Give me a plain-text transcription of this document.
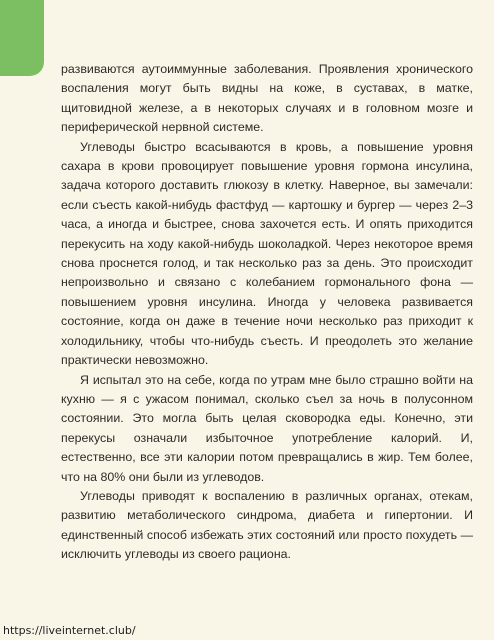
развиваются аутоиммунные заболевания. Проявления хронического воспаления могут быть видны на коже, в суставах, в матке, щитовидной железе, а в некоторых случаях и в головном мозге и периферической нервной системе.

Углеводы быстро всасываются в кровь, а повышение уровня сахара в крови провоцирует повышение уровня гормона инсулина, задача которого доставить глюкозу в клетку. Наверное, вы замечали: если съесть какой-нибудь фастфуд — картошку и бургер — через 2–3 часа, а иногда и быстрее, снова захочется есть. И опять приходится перекусить на ходу какой-нибудь шоколадкой. Через некоторое время снова проснется голод, и так несколько раз за день. Это происходит непроизвольно и связано с колебанием гормонального фона — повышением уровня инсулина. Иногда у человека развивается состояние, когда он даже в течение ночи несколько раз приходит к холодильнику, чтобы что-нибудь съесть. И преодолеть это желание практически невозможно.

Я испытал это на себе, когда по утрам мне было страшно войти на кухню — я с ужасом понимал, сколько съел за ночь в полусонном состоянии. Это могла быть целая сковородка еды. Конечно, эти перекусы означали избыточное употребление калорий. И, естественно, все эти калории потом превращались в жир. Тем более, что на 80% они были из углеводов.

Углеводы приводят к воспалению в различных органах, отекам, развитию метаболического синдрома, диабета и гипертонии. И единственный способ избежать этих состояний или просто похудеть — исключить углеводы из своего рациона.

https://liveinternet.club/
